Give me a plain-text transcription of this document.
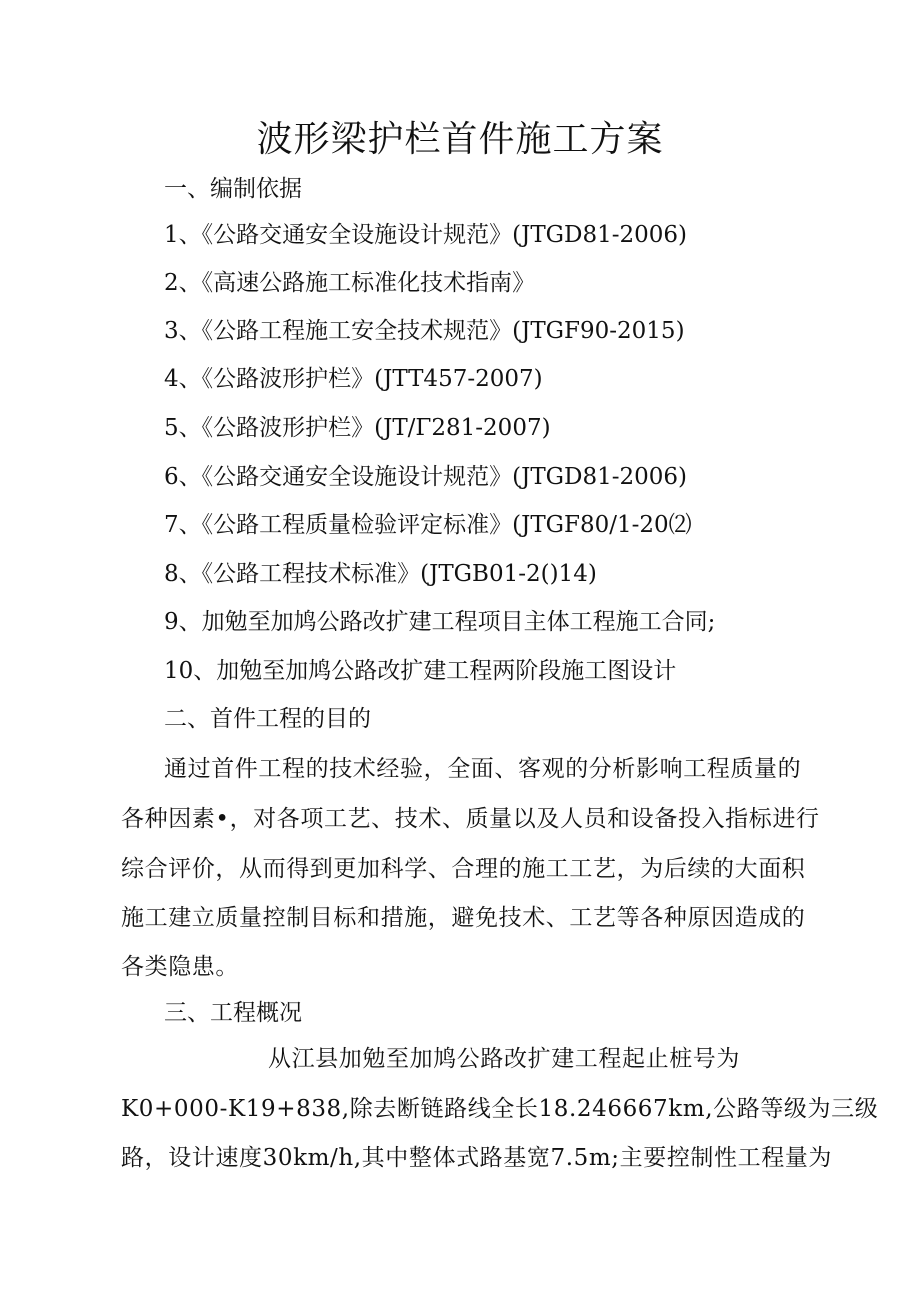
波形梁护栏首件施工方案
一、编制依据
1、《公路交通安全设施设计规范》(JTGD81-2006)
2、《高速公路施工标准化技术指南》
3、《公路工程施工安全技术规范》(JTGF90-2015)
4、《公路波形护栏》(JTT457-2007)
5、《公路波形护栏》(JT/Γ281-2007)
6、《公路交通安全设施设计规范》(JTGD81-2006)
7、《公路工程质量检验评定标准》(JTGF80/1-20⑵
8、《公路工程技术标准》(JTGB01-2()14)
9、加勉至加鸠公路改扩建工程项目主体工程施工合同;
10、加勉至加鸠公路改扩建工程两阶段施工图设计
二、首件工程的目的
通过首件工程的技术经验，全面、客观的分析影响工程质量的
各种因素•，对各项工艺、技术、质量以及人员和设备投入指标进行
综合评价，从而得到更加科学、合理的施工工艺，为后续的大面积
施工建立质量控制目标和措施，避免技术、工艺等各种原因造成的
各类隐患。
三、工程概况
从江县加勉至加鸠公路改扩建工程起止桩号为
K0+000-K19+838,除去断链路线全长18.246667km,公路等级为三级
路，设计速度30km/h,其中整体式路基宽7.5m;主要控制性工程量为
